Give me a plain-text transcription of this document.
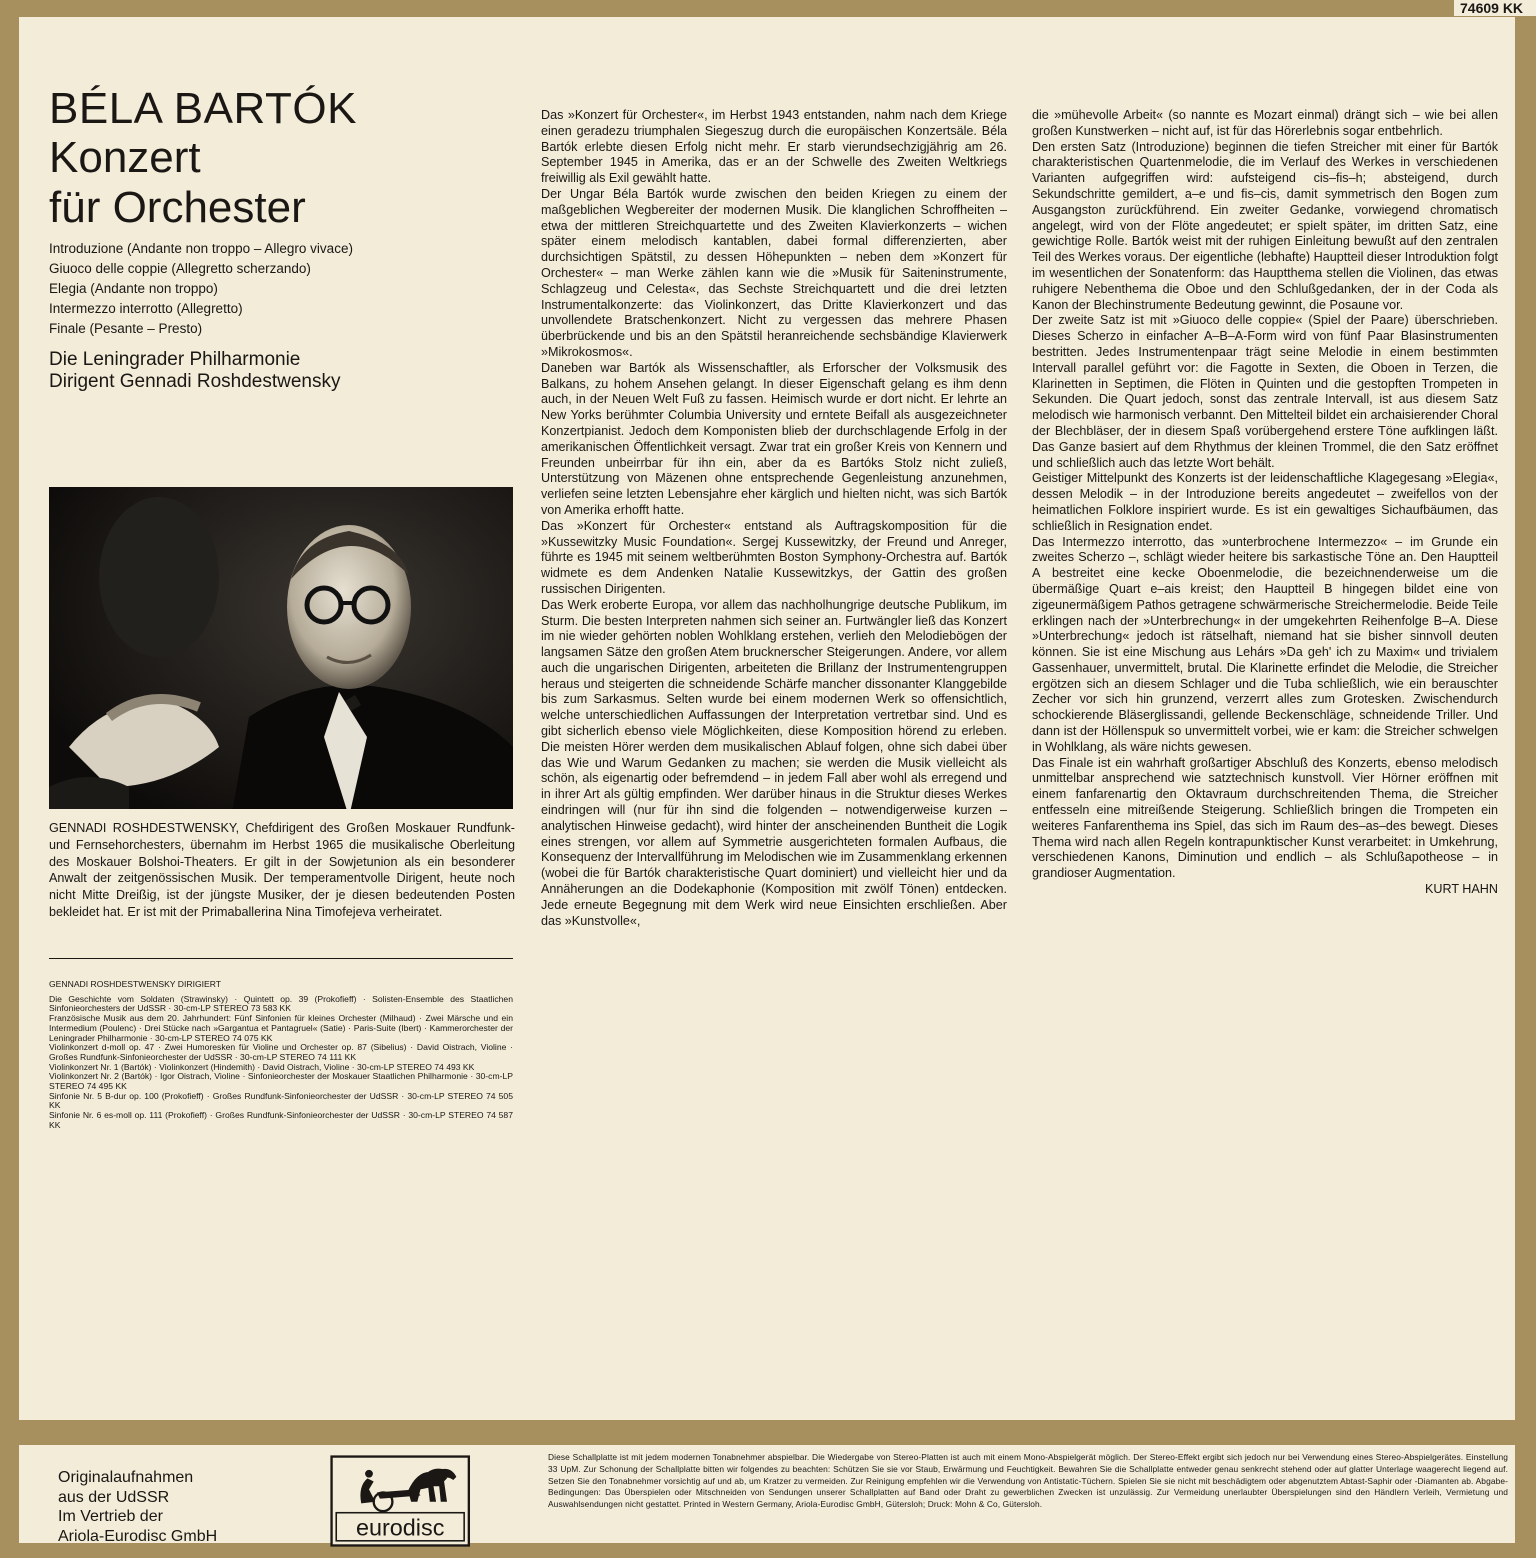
74609 KK
BÉLA BARTÓK
Konzert
für Orchester
Introduzione (Andante non troppo – Allegro vivace)
Giuoco delle coppie (Allegretto scherzando)
Elegia (Andante non troppo)
Intermezzo interrotto (Allegretto)
Finale (Pesante – Presto)
Die Leningrader Philharmonie
Dirigent Gennadi Roshdestwensky
GENNADI ROSHDESTWENSKY, Chefdirigent des Großen Moskauer Rundfunk- und Fernsehorchesters, übernahm im Herbst 1965 die musikalische Oberleitung des Moskauer Bolshoi-Theaters. Er gilt in der Sowjetunion als ein besonderer Anwalt der zeitgenössischen Musik. Der temperamentvolle Dirigent, heute noch nicht Mitte Dreißig, ist der jüngste Musiker, der je diesen bedeutenden Posten bekleidet hat. Er ist mit der Primaballerina Nina Timofejeva verheiratet.
GENNADI ROSHDESTWENSKY DIRIGIERT
Die Geschichte vom Soldaten (Strawinsky) · Quintett op. 39 (Prokofieff) · Solisten-Ensemble des Staatlichen Sinfonieorchesters der UdSSR · 30-cm-LP STEREO 73 583 KK
Französische Musik aus dem 20. Jahrhundert: Fünf Sinfonien für kleines Orchester (Milhaud) · Zwei Märsche und ein Intermedium (Poulenc) · Drei Stücke nach »Gargantua et Pantagruel« (Satie) · Paris-Suite (Ibert) · Kammerorchester der Leningrader Philharmonie · 30-cm-LP STEREO 74 075 KK
Violinkonzert d-moll op. 47 · Zwei Humoresken für Violine und Orchester op. 87 (Sibelius) · David Oistrach, Violine · Großes Rundfunk-Sinfonieorchester der UdSSR · 30-cm-LP STEREO 74 111 KK
Violinkonzert Nr. 1 (Bartók) · Violinkonzert (Hindemith) · David Oistrach, Violine · 30-cm-LP STEREO 74 493 KK
Violinkonzert Nr. 2 (Bartók) · Igor Oistrach, Violine · Sinfonieorchester der Moskauer Staatlichen Philharmonie · 30-cm-LP STEREO 74 495 KK
Sinfonie Nr. 5 B-dur op. 100 (Prokofieff) · Großes Rundfunk-Sinfonieorchester der UdSSR · 30-cm-LP STEREO 74 505 KK
Sinfonie Nr. 6 es-moll op. 111 (Prokofieff) · Großes Rundfunk-Sinfonieorchester der UdSSR · 30-cm-LP STEREO 74 587 KK

Das »Konzert für Orchester«, im Herbst 1943 entstanden, nahm nach dem Kriege einen geradezu triumphalen Siegeszug durch die europäischen Konzertsäle. Béla Bartók erlebte diesen Erfolg nicht mehr. Er starb vierundsechzigjährig am 26. September 1945 in Amerika, das er an der Schwelle des Zweiten Weltkriegs freiwillig als Exil gewählt hatte.

Der Ungar Béla Bartók wurde zwischen den beiden Kriegen zu einem der maßgeblichen Wegbereiter der modernen Musik. Die klanglichen Schroffheiten – etwa der mittleren Streichquartette und des Zweiten Klavierkonzerts – wichen später einem melodisch kantablen, dabei formal differenzierten, aber durchsichtigen Spätstil, zu dessen Höhepunkten – neben dem »Konzert für Orchester« – man Werke zählen kann wie die »Musik für Saiteninstrumente, Schlagzeug und Celesta«, das Sechste Streichquartett und die drei letzten Instrumentalkonzerte: das Violinkonzert, das Dritte Klavierkonzert und das unvollendete Bratschenkonzert. Nicht zu vergessen das mehrere Phasen überbrückende und bis an den Spätstil heranreichende sechsbändige Klavierwerk »Mikrokosmos«.

Daneben war Bartók als Wissenschaftler, als Erforscher der Volksmusik des Balkans, zu hohem Ansehen gelangt. In dieser Eigenschaft gelang es ihm denn auch, in der Neuen Welt Fuß zu fassen. Heimisch wurde er dort nicht. Er lehrte an New Yorks berühmter Columbia University und erntete Beifall als ausgezeichneter Konzertpianist. Jedoch dem Komponisten blieb der durchschlagende Erfolg in der amerikanischen Öffentlichkeit versagt. Zwar trat ein großer Kreis von Kennern und Freunden unbeirrbar für ihn ein, aber da es Bartóks Stolz nicht zuließ, Unterstützung von Mäzenen ohne entsprechende Gegenleistung anzunehmen, verliefen seine letzten Lebensjahre eher kärglich und hielten nicht, was sich Bartók von Amerika erhofft hatte.

Das »Konzert für Orchester« entstand als Auftragskomposition für die »Kussewitzky Music Foundation«. Sergej Kussewitzky, der Freund und Anreger, führte es 1945 mit seinem weltberühmten Boston Symphony-Orchestra auf. Bartók widmete es dem Andenken Natalie Kussewitzkys, der Gattin des großen russischen Dirigenten.

Das Werk eroberte Europa, vor allem das nachholhungrige deutsche Publikum, im Sturm. Die besten Interpreten nahmen sich seiner an. Furtwängler ließ das Konzert im nie wieder gehörten noblen Wohlklang erstehen, verlieh den Melodiebögen der langsamen Sätze den großen Atem brucknerscher Steigerungen. Andere, vor allem auch die ungarischen Dirigenten, arbeiteten die Brillanz der Instrumentengruppen heraus und steigerten die schneidende Schärfe mancher dissonanter Klanggebilde bis zum Sarkasmus. Selten wurde bei einem modernen Werk so offensichtlich, welche unterschiedlichen Auffassungen der Interpretation vertretbar sind. Und es gibt sicherlich ebenso viele Möglichkeiten, diese Komposition hörend zu erleben. Die meisten Hörer werden dem musikalischen Ablauf folgen, ohne sich dabei über das Wie und Warum Gedanken zu machen; sie werden die Musik vielleicht als schön, als eigenartig oder befremdend – in jedem Fall aber wohl als erregend und in ihrer Art als gültig empfinden. Wer darüber hinaus in die Struktur dieses Werkes eindringen will (nur für ihn sind die folgenden – notwendigerweise kurzen – analytischen Hinweise gedacht), wird hinter der anscheinenden Buntheit die Logik eines strengen, vor allem auf Symmetrie ausgerichteten formalen Aufbaus, die Konsequenz der Intervallführung im Melodischen wie im Zusammenklang erkennen (wobei die für Bartók charakteristische Quart dominiert) und vielleicht hier und da Annäherungen an die Dodekaphonie (Komposition mit zwölf Tönen) entdecken. Jede erneute Begegnung mit dem Werk wird neue Einsichten erschließen. Aber das »Kunstvolle«,

die »mühevolle Arbeit« (so nannte es Mozart einmal) drängt sich – wie bei allen großen Kunstwerken – nicht auf, ist für das Hörerlebnis sogar entbehrlich.

Den ersten Satz (Introduzione) beginnen die tiefen Streicher mit einer für Bartók charakteristischen Quartenmelodie, die im Verlauf des Werkes in verschiedenen Varianten aufgegriffen wird: aufsteigend cis–fis–h; absteigend, durch Sekundschritte gemildert, a–e und fis–cis, damit symmetrisch den Bogen zum Ausgangston zurückführend. Ein zweiter Gedanke, vorwiegend chromatisch angelegt, wird von der Flöte angedeutet; er spielt später, im dritten Satz, eine gewichtige Rolle. Bartók weist mit der ruhigen Einleitung bewußt auf den zentralen Teil des Werkes voraus. Der eigentliche (lebhafte) Hauptteil dieser Introduktion folgt im wesentlichen der Sonatenform: das Hauptthema stellen die Violinen, das etwas ruhigere Nebenthema die Oboe und den Schlußgedanken, der in der Coda als Kanon der Blechinstrumente Bedeutung gewinnt, die Posaune vor.

Der zweite Satz ist mit »Giuoco delle coppie« (Spiel der Paare) überschrieben. Dieses Scherzo in einfacher A–B–A-Form wird von fünf Paar Blasinstrumenten bestritten. Jedes Instrumentenpaar trägt seine Melodie in einem bestimmten Intervall parallel geführt vor: die Fagotte in Sexten, die Oboen in Terzen, die Klarinetten in Septimen, die Flöten in Quinten und die gestopften Trompeten in Sekunden. Die Quart jedoch, sonst das zentrale Intervall, ist aus diesem Satz melodisch wie harmonisch verbannt. Den Mittelteil bildet ein archaisierender Choral der Blechbläser, der in diesem Spaß vorübergehend erstere Töne aufklingen läßt. Das Ganze basiert auf dem Rhythmus der kleinen Trommel, die den Satz eröffnet und schließlich auch das letzte Wort behält.

Geistiger Mittelpunkt des Konzerts ist der leidenschaftliche Klagegesang »Elegia«, dessen Melodik – in der Introduzione bereits angedeutet – zweifellos von der heimatlichen Folklore inspiriert wurde. Es ist ein gewaltiges Sichaufbäumen, das schließlich in Resignation endet.

Das Intermezzo interrotto, das »unterbrochene Intermezzo« – im Grunde ein zweites Scherzo –, schlägt wieder heitere bis sarkastische Töne an. Den Hauptteil A bestreitet eine kecke Oboenmelodie, die bezeichnenderweise um die übermäßige Quart e–ais kreist; den Hauptteil B hingegen bildet eine von zigeunermäßigem Pathos getragene schwärmerische Streichermelodie. Beide Teile erklingen nach der »Unterbrechung« in der umgekehrten Reihenfolge B–A. Diese »Unterbrechung« jedoch ist rätselhaft, niemand hat sie bisher sinnvoll deuten können. Sie ist eine Mischung aus Lehárs »Da geh' ich zu Maxim« und trivialem Gassenhauer, unvermittelt, brutal. Die Klarinette erfindet die Melodie, die Streicher ergötzen sich an diesem Schlager und die Tuba schließlich, wie ein berauschter Zecher vor sich hin grunzend, verzerrt alles zum Grotesken. Zwischendurch schockierende Bläserglissandi, gellende Beckenschläge, schneidende Triller. Und dann ist der Höllenspuk so unvermittelt vorbei, wie er kam: die Streicher schwelgen in Wohlklang, als wäre nichts gewesen.

Das Finale ist ein wahrhaft großartiger Abschluß des Konzerts, ebenso melodisch unmittelbar ansprechend wie satztechnisch kunstvoll. Vier Hörner eröffnen mit einem fanfarenartig den Oktavraum durchschreitenden Thema, die Streicher entfesseln eine mitreißende Steigerung. Schließlich bringen die Trompeten ein weiteres Fanfarenthema ins Spiel, das sich im Raum des–as–des bewegt. Dieses Thema wird nach allen Regeln kontrapunktischer Kunst verarbeitet: in Umkehrung, verschiedenen Kanons, Diminution und endlich – als Schlußapotheose – in grandioser Augmentation.

KURT HAHN

Originalaufnahmen
aus der UdSSR
Im Vertrieb der
Ariola-Eurodisc GmbH	eurodisc
Diese Schallplatte ist mit jedem modernen Tonabnehmer abspielbar. Die Wiedergabe von Stereo-Platten ist auch mit einem Mono-Abspielgerät möglich. Der Stereo-Effekt ergibt sich jedoch nur bei Verwendung eines Stereo-Abspielgerätes. Einstellung 33 UpM. Zur Schonung der Schallplatte bitten wir folgendes zu beachten: Schützen Sie sie vor Staub, Erwärmung und Feuchtigkeit. Bewahren Sie die Schallplatte entweder genau senkrecht stehend oder auf glatter Unterlage waagerecht liegend auf. Setzen Sie den Tonabnehmer vorsichtig auf und ab, um Kratzer zu vermeiden. Zur Reinigung empfehlen wir die Verwendung von Antistatic-Tüchern. Spielen Sie sie nicht mit beschädigtem oder abgenutztem Abtast-Saphir oder -Diamanten ab. Abgabe-Bedingungen: Das Überspielen oder Mitschneiden von Sendungen unserer Schallplatten auf Band oder Draht zu gewerblichen Zwecken ist unzulässig. Zur Vermeidung unerlaubter Überspielungen sind den Händlern Verleih, Vermietung und Auswahlsendungen nicht gestattet. Printed in Western Germany, Ariola-Eurodisc GmbH, Gütersloh; Druck: Mohn & Co, Gütersloh.
